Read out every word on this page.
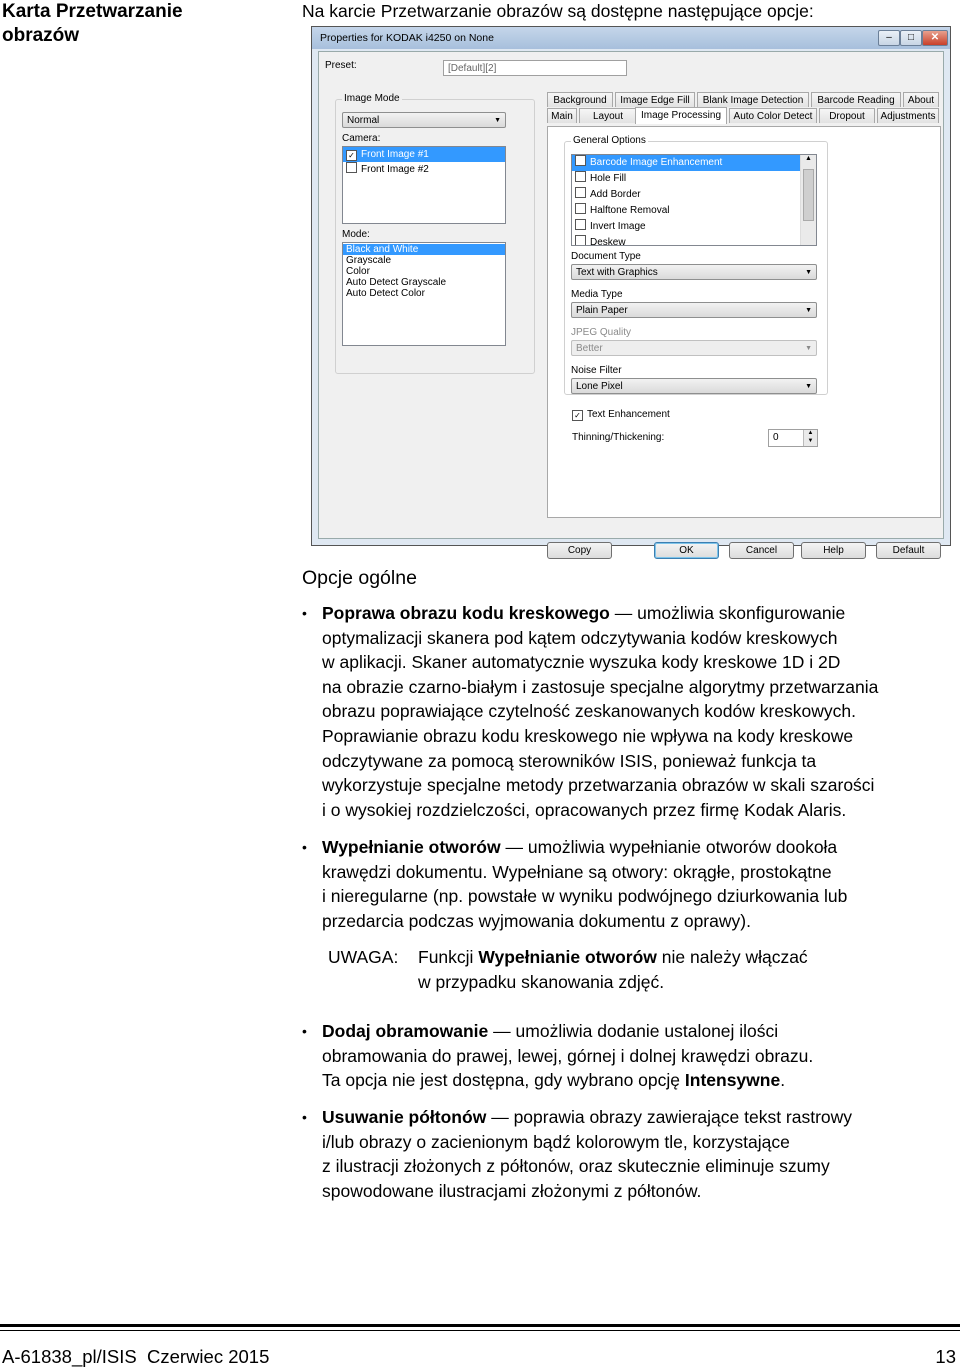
Karta Przetwarzanie obrazów
Na karcie Przetwarzanie obrazów są dostępne następujące opcje:
Properties for KODAK i4250 on None	–	□	✕
Preset:	[Default][2]
Image Mode
Normal	▼
Camera:
✓ Front Image #1
Front Image #2
Mode:
Black and White
Grayscale
Color
Auto Detect Grayscale
Auto Detect Color
Background	Image Edge Fill	Blank Image Detection	Barcode Reading	About
Main	Layout	Image Processing	Auto Color Detect	Dropout	Adjustments
General Options
Barcode Image Enhancement
Hole Fill
Add Border
Halftone Removal
Invert Image
Deskew
▲
Document Type
Text with Graphics	▼
Media Type
Plain Paper	▼
JPEG Quality
Better	▼
Noise Filter
Lone Pixel	▼
✓ Text Enhancement
Thinning/Thickening:	0	▲
▼
Copy	OK	Cancel	Help	Default
Opcje ogólne
• Poprawa obrazu kodu kreskowego — umożliwia skonfigurowanie
optymalizacji skanera pod kątem odczytywania kodów kreskowych
w aplikacji. Skaner automatycznie wyszuka kody kreskowe 1D i 2D
na obrazie czarno-białym i zastosuje specjalne algorytmy przetwarzania
obrazu poprawiające czytelność zeskanowanych kodów kreskowych.
Poprawianie obrazu kodu kreskowego nie wpływa na kody kreskowe
odczytywane za pomocą sterowników ISIS, ponieważ funkcja ta
wykorzystuje specjalne metody przetwarzania obrazów w skali szarości
i o wysokiej rozdzielczości, opracowanych przez firmę Kodak Alaris.
• Wypełnianie otworów — umożliwia wypełnianie otworów dookoła
krawędzi dokumentu. Wypełniane są otwory: okrągłe, prostokątne
i nieregularne (np. powstałe w wyniku podwójnego dziurkowania lub
przedarcia podczas wyjmowania dokumentu z oprawy).
UWAGA: Funkcji Wypełnianie otworów nie należy włączać
w przypadku skanowania zdjęć.
• Dodaj obramowanie — umożliwia dodanie ustalonej ilości
obramowania do prawej, lewej, górnej i dolnej krawędzi obrazu.
Ta opcja nie jest dostępna, gdy wybrano opcję Intensywne.
• Usuwanie półtonów — poprawia obrazy zawierające tekst rastrowy
i/lub obrazy o zacienionym bądź kolorowym tle, korzystające
z ilustracji złożonych z półtonów, oraz skutecznie eliminuje szumy
spowodowane ilustracjami złożonymi z półtonów.
A-61838_pl/ISIS  Czerwiec 2015	13
